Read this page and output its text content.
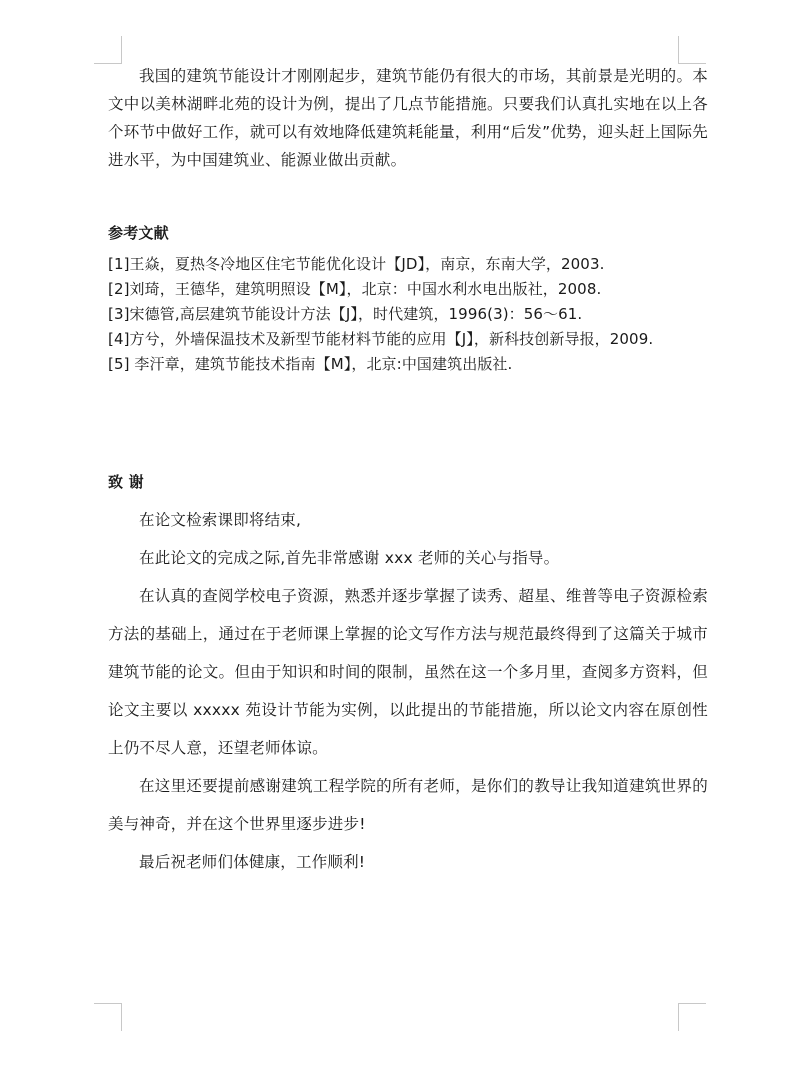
我国的建筑节能设计才刚刚起步，建筑节能仍有很大的市场，其前景是光明的。本文中以美林湖畔北苑的设计为例，提出了几点节能措施。只要我们认真扎实地在以上各个环节中做好工作，就可以有效地降低建筑耗能量，利用“后发”优势，迎头赶上国际先进水平，为中国建筑业、能源业做出贡献。

参考文献
[1]王焱，夏热冬冷地区住宅节能优化设计【JD】，南京，东南大学，2003.
[2]刘琦，王德华，建筑明照设【M】，北京：中国水利水电出版社，2008.
[3]宋德管,高层建筑节能设计方法【J】，时代建筑，1996(3)：56～61.
[4]方兮，外墙保温技术及新型节能材料节能的应用【J】，新科技创新导报，2009.
[5] 李汗章，建筑节能技术指南【M】，北京:中国建筑出版社.
致 谢

在论文检索课即将结束,

在此论文的完成之际,首先非常感谢 xxx 老师的关心与指导。

在认真的查阅学校电子资源，熟悉并逐步掌握了读秀、超星、维普等电子资源检索方法的基础上，通过在于老师课上掌握的论文写作方法与规范最终得到了这篇关于城市建筑节能的论文。但由于知识和时间的限制，虽然在这一个多月里，查阅多方资料，但论文主要以 xxxxx 苑设计节能为实例，以此提出的节能措施，所以论文内容在原创性上仍不尽人意，还望老师体谅。

在这里还要提前感谢建筑工程学院的所有老师，是你们的教导让我知道建筑世界的美与神奇，并在这个世界里逐步进步!

最后祝老师们体健康，工作顺利!
